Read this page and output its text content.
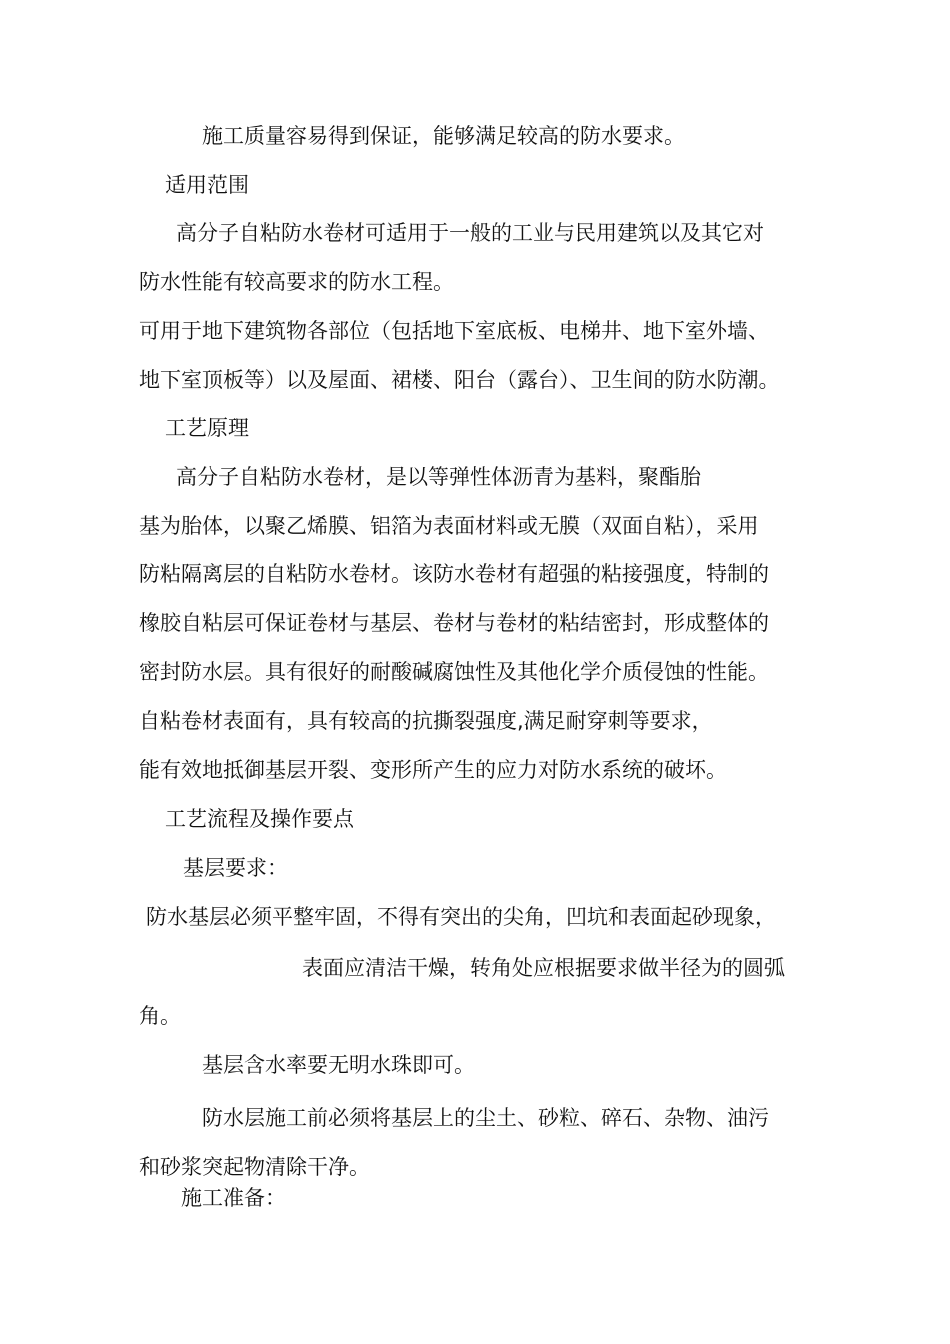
施工质量容易得到保证，能够满足较高的防水要求。
适用范围
高分子自粘防水卷材可适用于一般的工业与民用建筑以及其它对
防水性能有较高要求的防水工程。
可用于地下建筑物各部位（包括地下室底板、电梯井、地下室外墙、
地下室顶板等）以及屋面、裙楼、阳台（露台）、卫生间的防水防潮。
工艺原理
高分子自粘防水卷材，是以等弹性体沥青为基料，聚酯胎
基为胎体，以聚乙烯膜、铝箔为表面材料或无膜（双面自粘），采用
防粘隔离层的自粘防水卷材。该防水卷材有超强的粘接强度，特制的
橡胶自粘层可保证卷材与基层、卷材与卷材的粘结密封，形成整体的
密封防水层。具有很好的耐酸碱腐蚀性及其他化学介质侵蚀的性能。
自粘卷材表面有，具有较高的抗撕裂强度,满足耐穿刺等要求，
能有效地抵御基层开裂、变形所产生的应力对防水系统的破坏。
工艺流程及操作要点
基层要求：
防水基层必须平整牢固，不得有突出的尖角，凹坑和表面起砂现象，
表面应清洁干燥，转角处应根据要求做半径为的圆弧
角。
基层含水率要无明水珠即可。
防水层施工前必须将基层上的尘土、砂粒、碎石、杂物、油污
和砂浆突起物清除干净。
施工准备：
